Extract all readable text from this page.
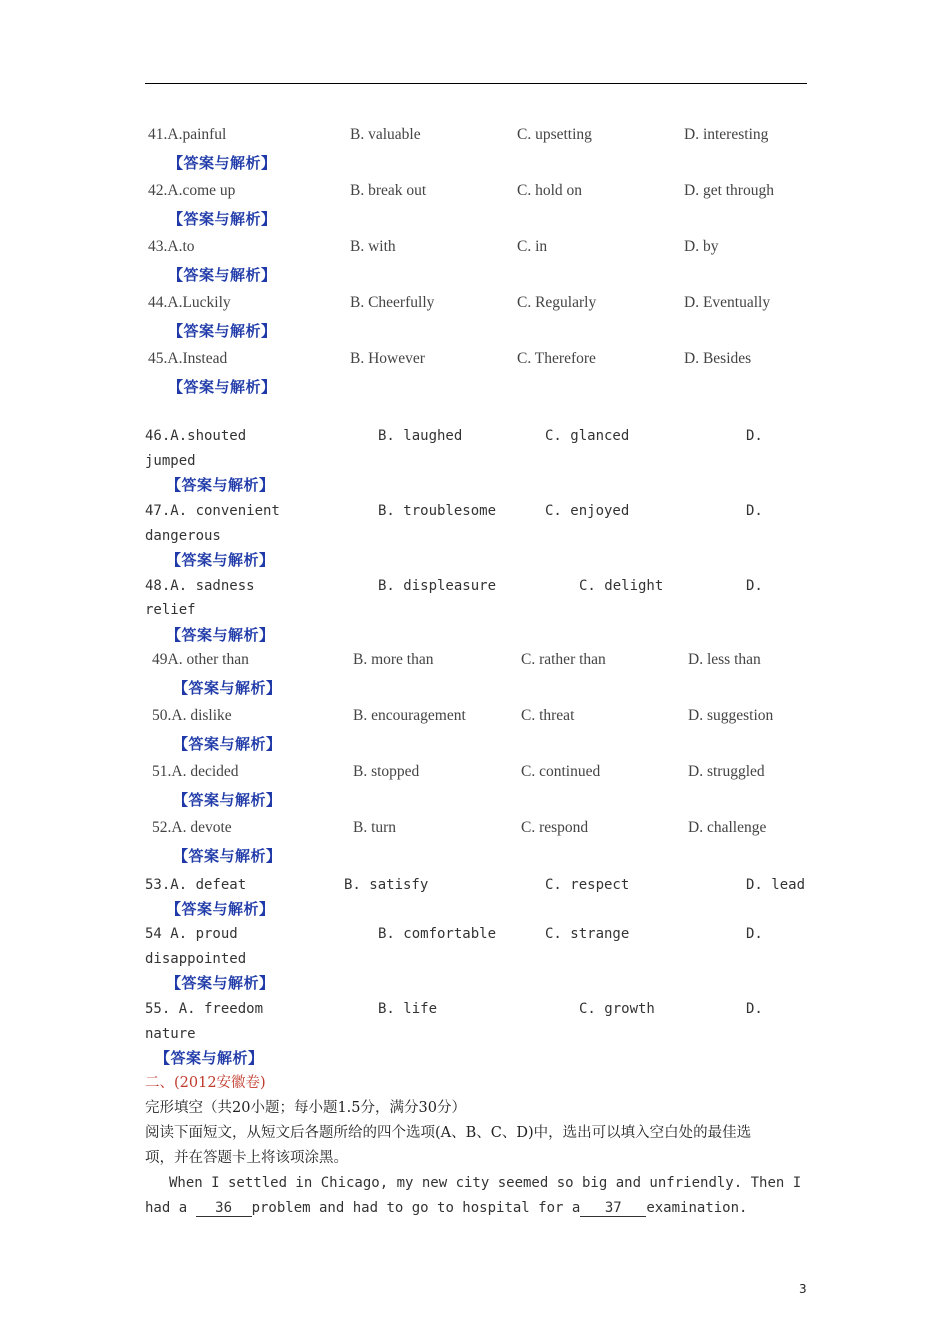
41.A.painful	B. valuable	C. upsetting	D. interesting
【答案与解析】
42.A.come up	B. break out	C. hold on	D. get through
【答案与解析】
43.A.to	B. with	C. in	D. by
【答案与解析】
44.A.Luckily	B. Cheerfully	C. Regularly	D. Eventually
【答案与解析】
45.A.Instead	B. However	C. Therefore	D. Besides
【答案与解析】
46.A.shouted	B. laughed	C. glanced	D.
jumped
【答案与解析】
47.A. convenient	B. troublesome	C. enjoyed	D.
dangerous
【答案与解析】
48.A. sadness	B. displeasure	C. delight	D.
relief
【答案与解析】
49A. other than	B. more than	C. rather than	D. less than
【答案与解析】
50.A. dislike	B. encouragement	C. threat	D. suggestion
【答案与解析】
51.A. decided	B. stopped	C. continued	D. struggled
【答案与解析】
52.A. devote	B. turn	C. respond	D. challenge
【答案与解析】
53.A. defeat	B. satisfy	C. respect	D. lead
【答案与解析】
54 A. proud	B. comfortable	C. strange	D.
disappointed
【答案与解析】
55. A. freedom	B. life	C. growth	D.
nature
【答案与解析】
二、(2012安徽卷)
完形填空（共20小题；每小题1.5分，满分30分）
阅读下面短文，从短文后各题所给的四个选项(A、B、C、D)中，选出可以填入空白处的最佳选
项，并在答题卡上将该项涂黑。
When I settled in Chicago, my new city seemed so big and unfriendly. Then I
had a 36 problem and had to go to hospital for a 37 examination.
3
